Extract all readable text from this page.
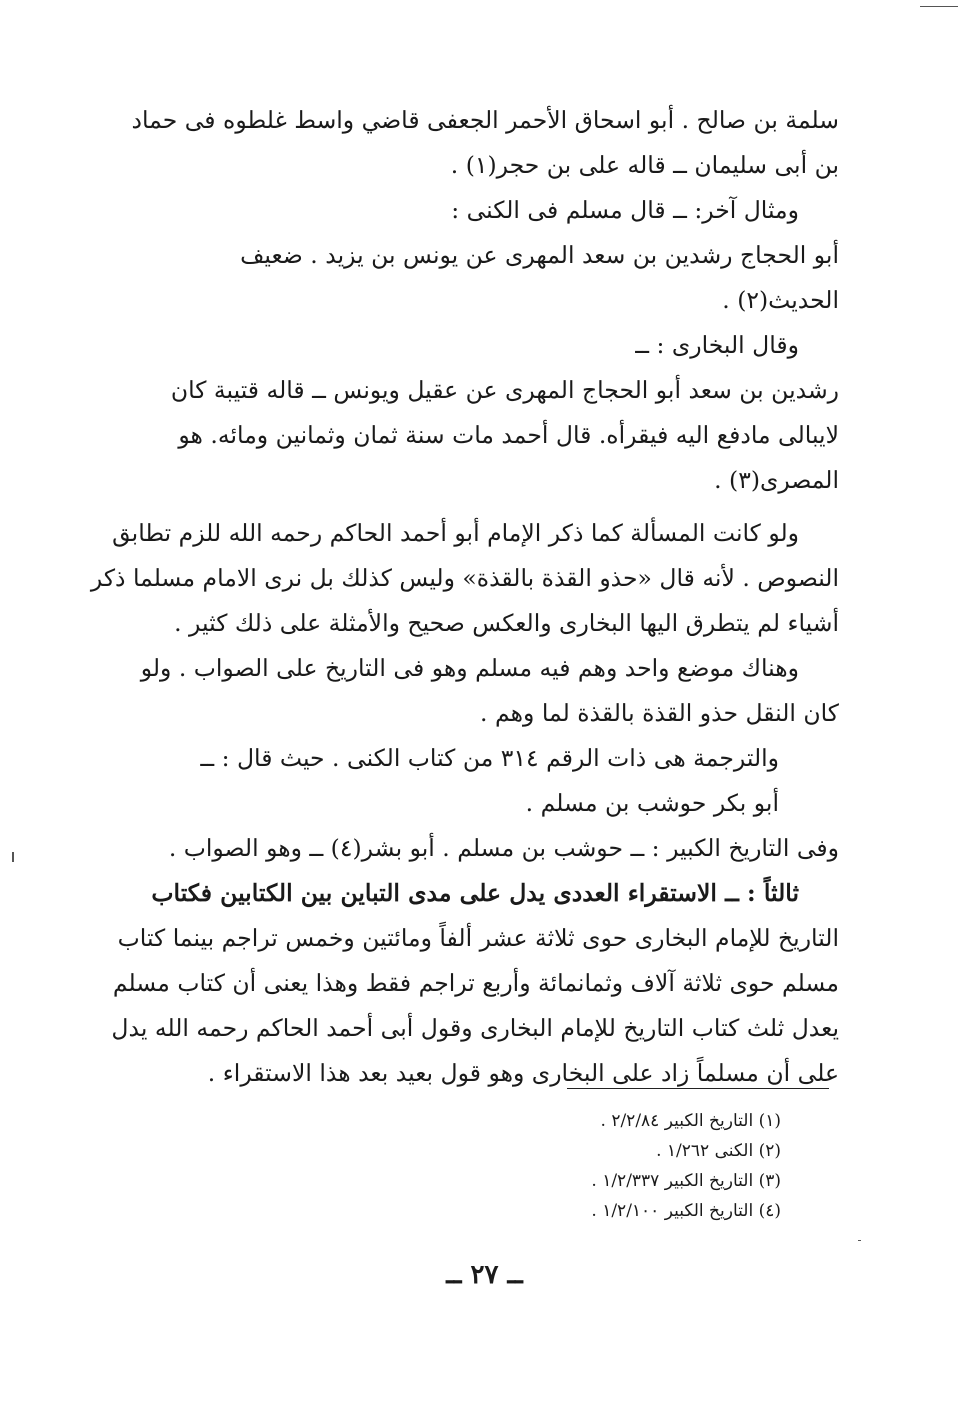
سلمة بن صالح . أبو اسحاق الأحمر الجعفى قاضي واسط غلطوه فى حماد
بن أبى سليمان ــ قاله على بن حجر(١) .
ومثال آخر: ــ قال مسلم فى الكنى :
أبو الحجاج رشدين بن سعد المهرى عن يونس بن يزيد . ضعيف
الحديث(٢) .
وقال البخارى : ــ
رشدين بن سعد أبو الحجاج المهرى عن عقيل ويونس ــ قاله قتيبة كان
لايبالى مادفع اليه فيقرأه. قال أحمد مات سنة ثمان وثمانين ومائه. هو
المصرى(٣) .
ولو كانت المسألة كما ذكر الإمام أبو أحمد الحاكم رحمه الله للزم تطابق
النصوص . لأنه قال «حذو القذة بالقذة» وليس كذلك بل نرى الامام مسلما ذكر
أشياء لم يتطرق اليها البخارى والعكس صحيح والأمثلة على ذلك كثير .
وهناك موضع واحد وهم فيه مسلم وهو فى التاريخ على الصواب . ولو
كان النقل حذو القذة بالقذة لما وهم .
والترجمة هى ذات الرقم ٣١٤ من كتاب الكنى . حيث قال : ــ
أبو بكر حوشب بن مسلم .
وفى التاريخ الكبير : ــ حوشب بن مسلم . أبو بشر(٤) ــ وهو الصواب .
ثالثاً : ــ الاستقراء العددى يدل على مدى التباين بين الكتابين فكتاب
التاريخ للإمام البخارى حوى ثلاثة عشر ألفاً ومائتين وخمس تراجم بينما كتاب
مسلم حوى ثلاثة آلاف وثمانمائة وأربع تراجم فقط وهذا يعنى أن كتاب مسلم
يعدل ثلث كتاب التاريخ للإمام البخارى وقول أبى أحمد الحاكم رحمه الله يدل
على أن مسلماً زاد على البخارى وهو قول بعيد بعد هذا الاستقراء .
(١) التاريخ الكبير ٢/٢/٨٤ .
(٢) الكنى ١/٢٦٢ .
(٣) التاريخ الكبير ١/٢/٣٣٧ .
(٤) التاريخ الكبير ١/٢/١٠٠ .
ــ ٢٧ ــ
